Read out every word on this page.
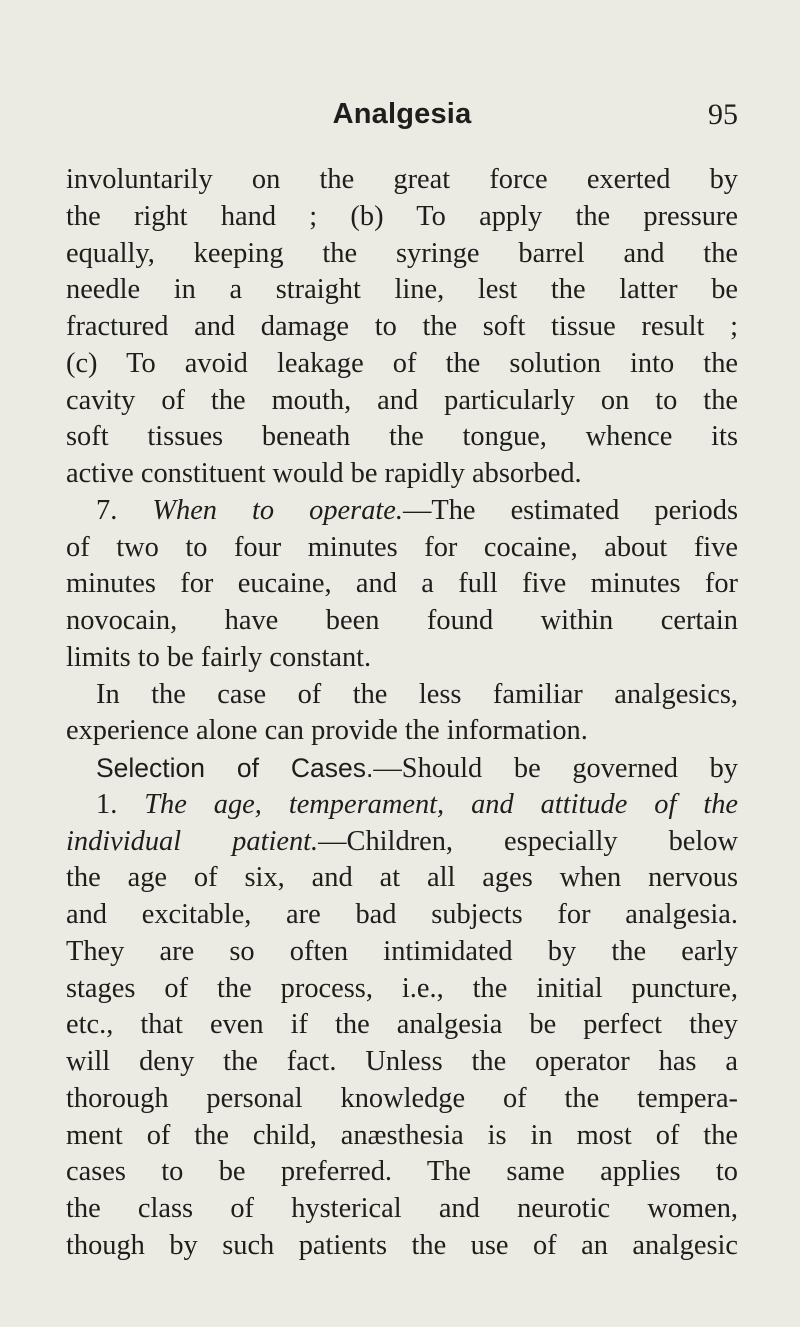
Analgesia	95
involuntarily on the great force exerted by
the right hand ; (b) To apply the pressure
equally, keeping the syringe barrel and the
needle in a straight line, lest the latter be
fractured and damage to the soft tissue result ;
(c) To avoid leakage of the solution into the
cavity of the mouth, and particularly on to the
soft tissues beneath the tongue, whence its
active constituent would be rapidly absorbed.
7. When to operate.—The estimated periods
of two to four minutes for cocaine, about five
minutes for eucaine, and a full five minutes for
novocain, have been found within certain
limits to be fairly constant.
In the case of the less familiar analgesics,
experience alone can provide the information.
Selection of Cases.—Should be governed by
1. The age, temperament, and attitude of the
individual patient.—Children, especially below
the age of six, and at all ages when nervous
and excitable, are bad subjects for analgesia.
They are so often intimidated by the early
stages of the process, i.e., the initial puncture,
etc., that even if the analgesia be perfect they
will deny the fact. Unless the operator has a
thorough personal knowledge of the tempera-
ment of the child, anæsthesia is in most of the
cases to be preferred. The same applies to
the class of hysterical and neurotic women,
though by such patients the use of an analgesic
